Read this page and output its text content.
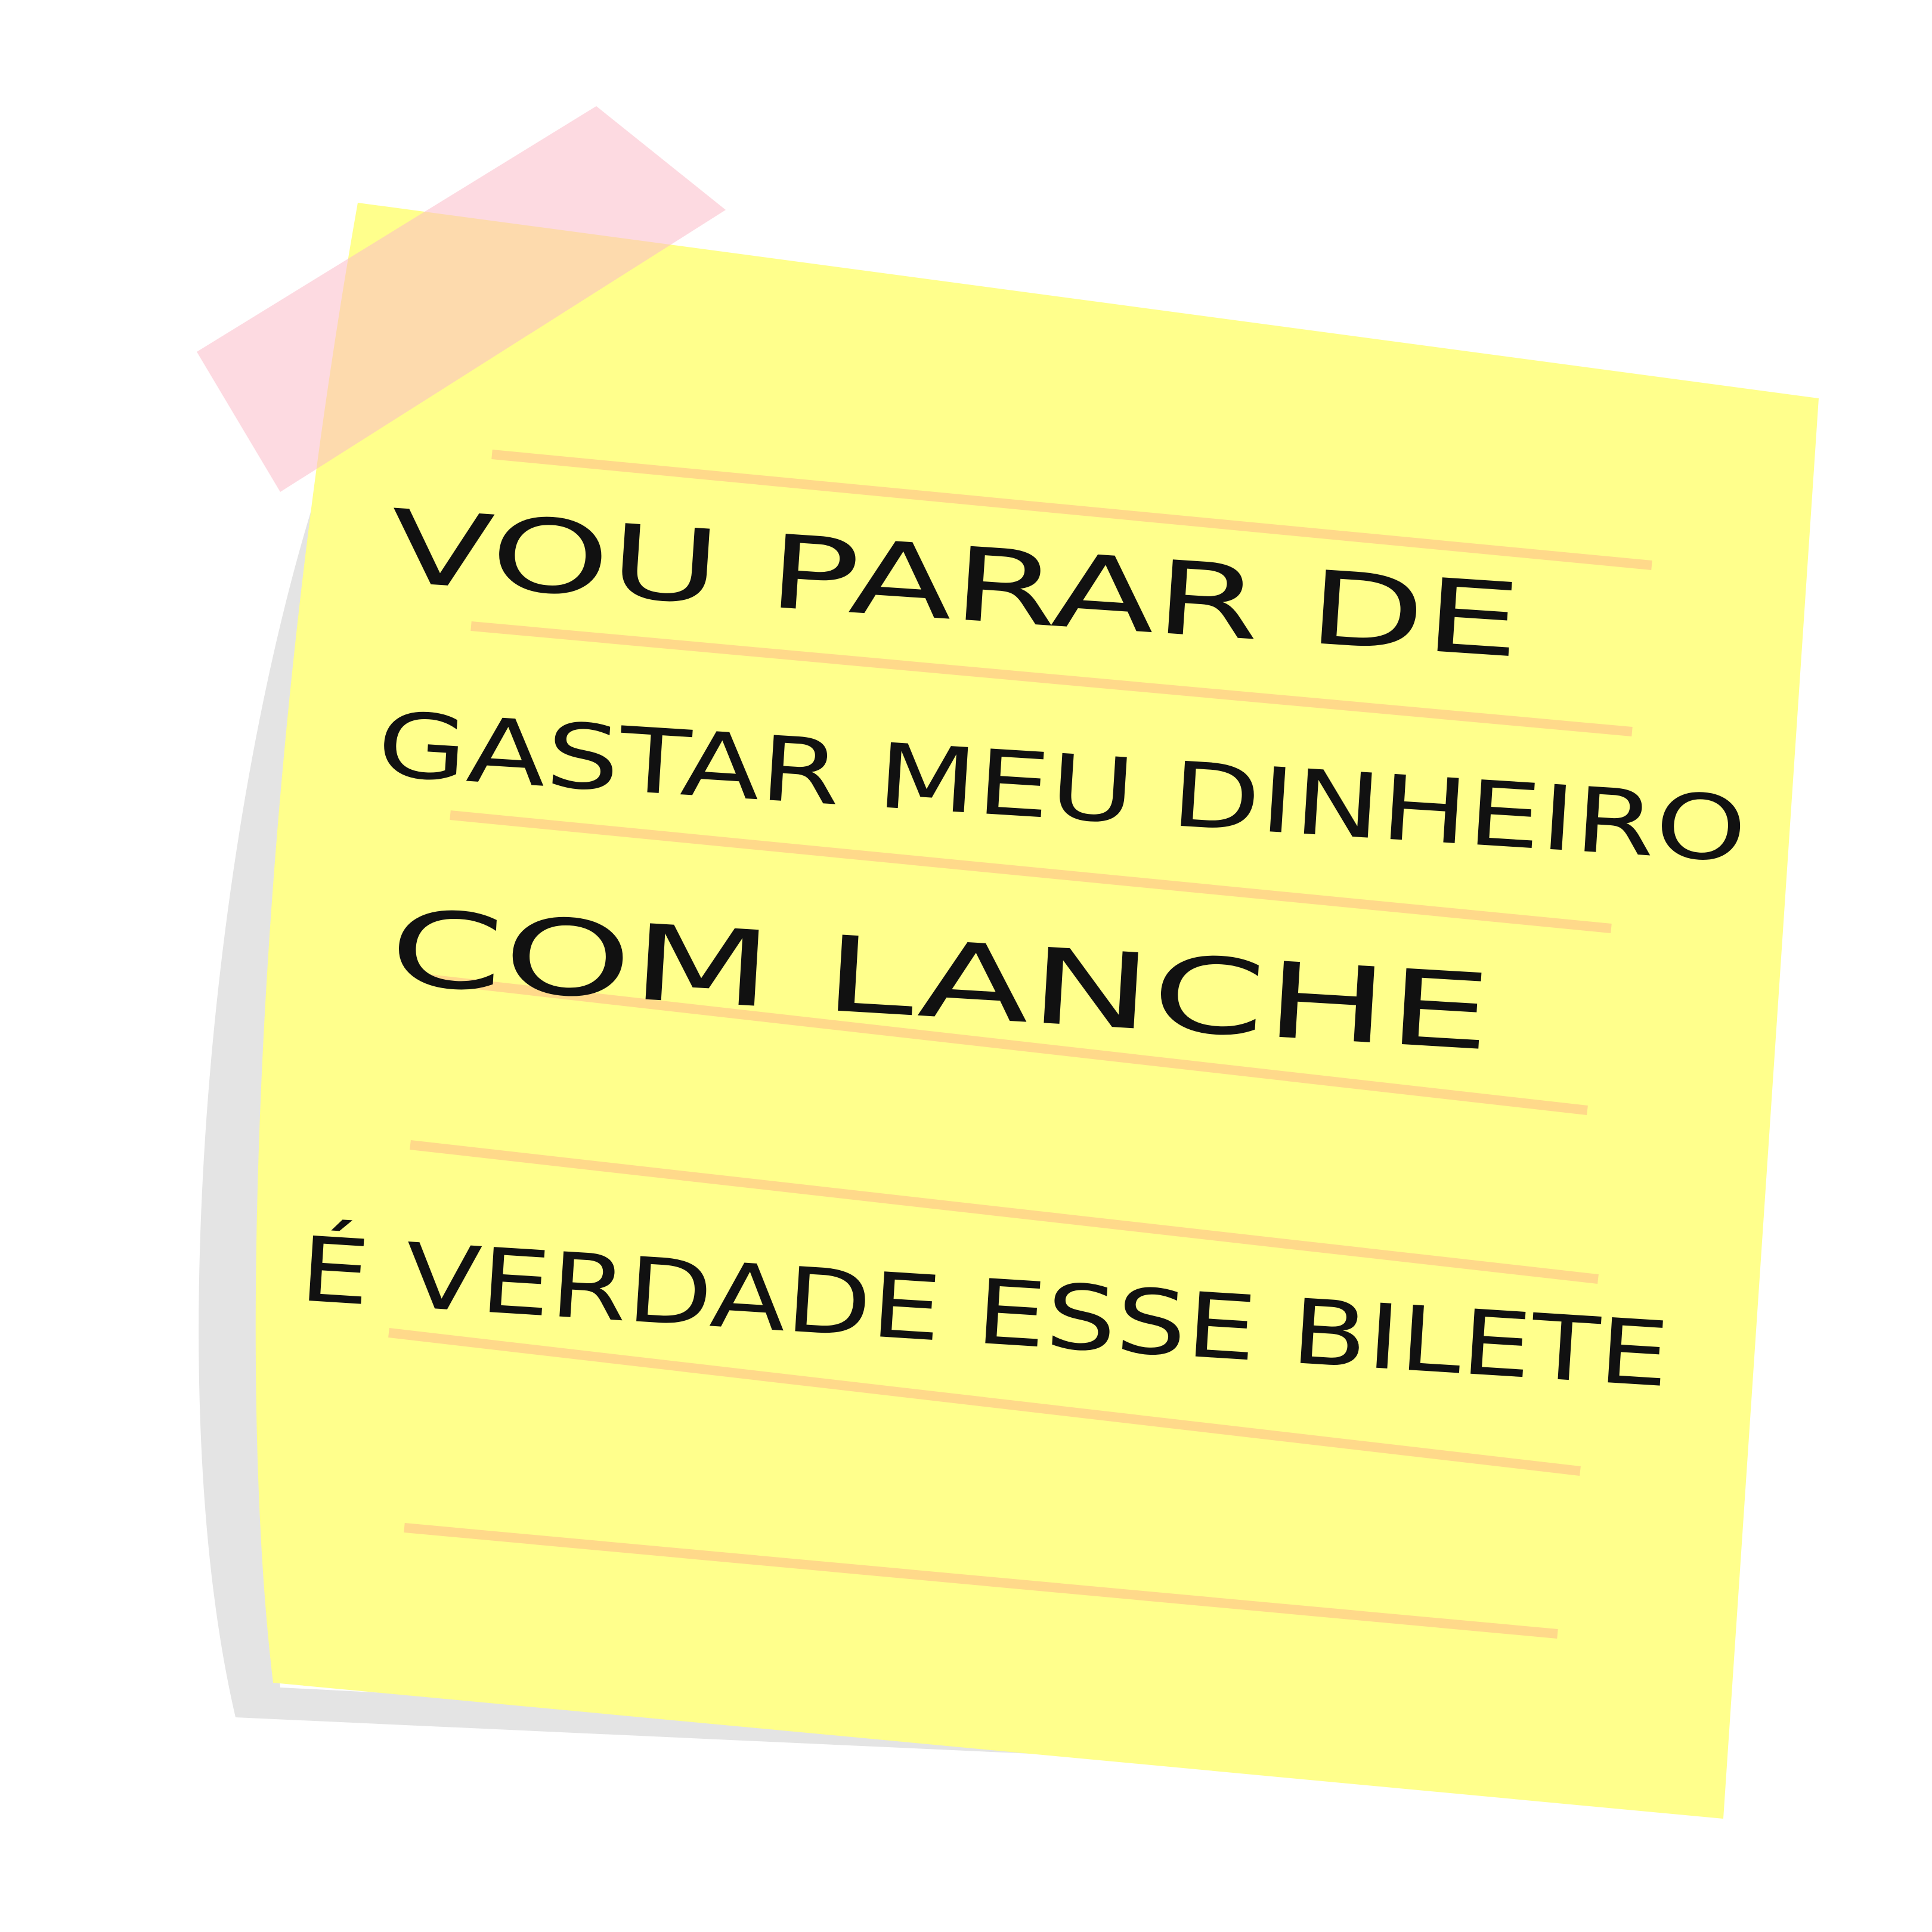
VOU PARAR DE
GASTAR MEU DINHEIRO
COM LANCHE
É VERDADE ESSE BILETE
